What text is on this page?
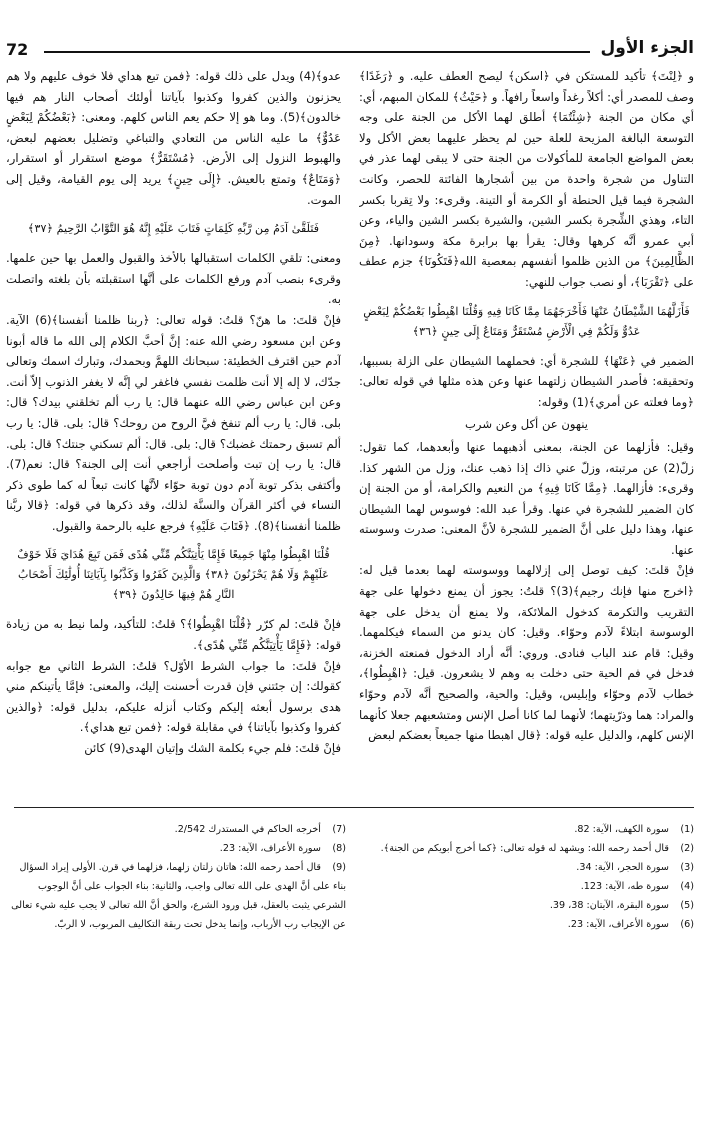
72	الجزء الأول

و ﴿لِنْتَ﴾ تأكيد للمستكن في ﴿اسكن﴾ ليصح العطف عليه. و ﴿رَغَدًا﴾ وصف للمصدر أي: أكلاً رغداً واسعاً رافهاً. و ﴿حَيْثُ﴾ للمكان المبهم، أي: أي مكان من الجنة ﴿شِئْتُمَا﴾ أطلق لهما الأكل من الجنة على وجه التوسعة البالغة المزيحة للعلة حين لم يحظر عليهما بعض الأكل ولا بعض المواضع الجامعة للمأكولات من الجنة حتى لا يبقى لهما عذر في التناول من شجرة واحدة من بين أشجارها الفائتة للحصر، وكانت الشجرة فيما قيل الحنطة أو الكرمة أو التينة. وقرىء: ولا تِقربا بكسر التاء، وهذي الشِّجرة بكسر الشين، والشيرة بكسر الشين والياء، وعن أبي عمرو أنَّه كرهها وقال: يقرأ بها برابرة مكة وسودانها. ﴿مِنَ الظَّالِمِينَ﴾ من الذين ظلموا أنفسهم بمعصية الله﴿فَتَكُونَا﴾ جزم عطف على ﴿تَقْرَبَا﴾، أو نصب جواب للنهي:

فَأَزَلَّهُمَا الشَّيْطَانُ عَنْهَا فَأَخْرَجَهُمَا مِمَّا كَانَا فِيهِ وَقُلْنَا اهْبِطُوا بَعْضُكُمْ لِبَعْضٍ عَدُوٌّ وَلَكُمْ فِي الْأَرْضِ مُسْتَقَرٌّ وَمَتَاعٌ إِلَى حِينٍ ﴿٣٦﴾

الضمير في ﴿عَنْهَا﴾ للشجرة أي: فحملهما الشيطان على الزلة بسببها، وتحقيقه: فأصدر الشيطان زلتهما عنها وعن هذه مثلها في قوله تعالى: ﴿وما فعلته عن أمري﴾(1) وقوله:

ينهون عن أكل وعن شرب

وقيل: فأزلهما عن الجنة، بمعنى أذهبهما عنها وأبعدهما، كما تقول: زلّ(2) عن مرتبته، وزلّ عني ذاك إذا ذهب عنك، وزل من الشهر كذا. وقرىء: فأزالهما. ﴿مِمَّا كَانَا فِيهِ﴾ من النعيم والكرامة، أو من الجنة إن كان الضمير للشجرة في عنها. وقرأ عبد الله: فوسوس لهما الشيطان عنها، وهذا دليل على أنَّ الضمير للشجرة لأنَّ المعنى: صدرت وسوسته عنها.

فإنْ قلتَ: كيف توصل إلى إزلالهما ووسوسته لهما بعدما قيل له: ﴿اخرج منها فإنك رجيم﴾(3)؟ قلتُ: يجوز أن يمنع دخولها على جهة التقريب والتكرمة كدخول الملائكة، ولا يمنع أن يدخل على جهة الوسوسة ابتلاءً لآدم وحوّاء. وقيل: كان يدنو من السماء فيكلمهما. وقيل: قام عند الباب فنادى. وروي: أنَّه أراد الدخول فمنعته الخزنة، فدخل في فم الحية حتى دخلت به وهم لا يشعرون. قيل: ﴿اهْبِطُوا﴾، خطاب لآدم وحوّاء وإبليس، وقيل: والحية، والصحيح أنَّه لآدم وحوّاء والمراد: هما وذرّيتهما؛ لأنهما لما كانا أصل الإنس ومتشعبهم جعلا كأنهما الإنس كلهم، والدليل عليه قوله: ﴿قال اهبطا منها جميعاً بعضكم لبعض

عدو﴾(4) ويدل على ذلك قوله: ﴿فمن تبع هداي فلا خوف عليهم ولا هم يحزنون والذين كفروا وكذبوا بآياتنا أولئك أصحاب النار هم فيها خالدون﴾(5). وما هو إلا حكم يعم الناس كلهم. ومعنى: ﴿بَعْضُكُمْ لِبَعْضٍ عَدُوٌّ﴾ ما عليه الناس من التعادي والتباغي وتضليل بعضهم لبعض، والهبوط النزول إلى الأرض. ﴿مُسْتَقَرٌّ﴾ موضع استقرار أو استقرار، ﴿وَمَتَاعٌ﴾ وتمتع بالعيش. ﴿إِلَى حِينٍ﴾ يريد إلى يوم القيامة، وقيل إلى الموت.

فَتَلَقَّىٰ آدَمُ مِن رَّبِّهِ كَلِمَاتٍ فَتَابَ عَلَيْهِ إِنَّهُ هُوَ التَّوَّابُ الرَّحِيمُ ﴿٣٧﴾

ومعنى: تلقي الكلمات استقبالها بالأخذ والقبول والعمل بها حين علمها. وقرىء بنصب آدم ورفع الكلمات على أنَّها استقبلته بأن بلغته واتصلت به.

فإنْ قلتَ: ما هنّ؟ قلتُ: قوله تعالى: ﴿ربنا ظلمنا أنفسنا﴾(6) الآية. وعن ابن مسعود رضي الله عنه: إنَّ أحبَّ الكلام إلى الله ما قاله أبونا آدم حين اقترف الخطيئة: سبحانك اللهمَّ وبحمدك، وتبارك اسمك وتعالى جدّك، لا إله إلا أنت ظلمت نفسي فاغفر لي إنَّه لا يغفر الذنوب إلاّ أنت. وعن ابن عباس رضي الله عنهما قال: يا رب ألم تخلقني بيدك؟ قال: بلى. قال: يا رب ألم تنفخ فيَّ الروح من روحك؟ قال: بلى. قال: يا رب ألم تسبق رحمتك غضبك؟ قال: بلى. قال: ألم تسكني جنتك؟ قال: بلى. قال: يا رب إن تبت وأصلحت أراجعي أنت إلى الجنة؟ قال: نعم(7). وأكتفى بذكر توبة آدم دون توبة حوّاء لأنَّها كانت تبعاً له كما طوى ذكر النساء في أكثر القرآن والسنَّة لذلك، وقد ذكرها في قوله: ﴿قالا ربَّنا ظلمنا أنفسنا﴾(8). ﴿فَتَابَ عَلَيْهِ﴾ فرجع عليه بالرحمة والقبول.

قُلْنَا اهْبِطُوا مِنْهَا جَمِيعًا فَإِمَّا يَأْتِيَنَّكُم مِّنِّي هُدًى فَمَن تَبِعَ هُدَايَ فَلَا خَوْفٌ عَلَيْهِمْ وَلَا هُمْ يَحْزَنُونَ ﴿٣٨﴾ وَالَّذِينَ كَفَرُوا وَكَذَّبُوا بِآيَاتِنَا أُولَٰئِكَ أَصْحَابُ النَّارِ هُمْ فِيهَا خَالِدُونَ ﴿٣٩﴾

فإنْ قلتَ: لم كرّر ﴿قُلْنَا اهْبِطُوا﴾؟ قلتُ: للتأكيد، ولما نيط به من زيادة قوله: ﴿فَإِمَّا يَأْتِيَنَّكُم مِّنِّي هُدًى﴾.

فإنْ قلتَ: ما جواب الشرط الأوّل؟ قلتُ: الشرط الثاني مع جوابه كقولك: إن جئتني فإن قدرت أحسنت إليك، والمعنى: فإمَّا يأتينكم مني هدى برسول أبعثه إليكم وكتاب أنزله عليكم، بدليل قوله: ﴿والذين كفروا وكذبوا بآياتنا﴾ في مقابلة قوله: ﴿فمن تبع هداي﴾.

فإنْ قلتَ: فلم جيء بكلمة الشك وإتيان الهدى(9) كائن

(1) سورة الكهف، الآية: 82.
(2) قال أحمد رحمه الله: ويشهد له قوله تعالى: ﴿كما أخرج أبويكم من الجنة﴾.
(3) سورة الحجر، الآية: 34.
(4) سورة طه، الآية: 123.
(5) سورة البقرة، الآيتان: 38، 39.
(6) سورة الأعراف، الآية: 23.
(7) أخرجه الحاكم في المستدرك 2/542.
(8) سورة الأعراف، الآية: 23.
(9) قال أحمد رحمه الله: هاتان زلتان زلهما، فزلهما في قرن. الأولى إيراد السؤال بناء على أنَّ الهدى على الله تعالى واجب، والثانية: بناء الجواب على أنَّ الوجوب الشرعي يثبت بالعقل، قبل ورود الشرع، والحق أنَّ الله تعالى لا يجب عليه شيء تعالى عن الإيجاب رب الأرباب، وإنما يدخل تحت ربقة التكاليف المربوب، لا الربّ.
